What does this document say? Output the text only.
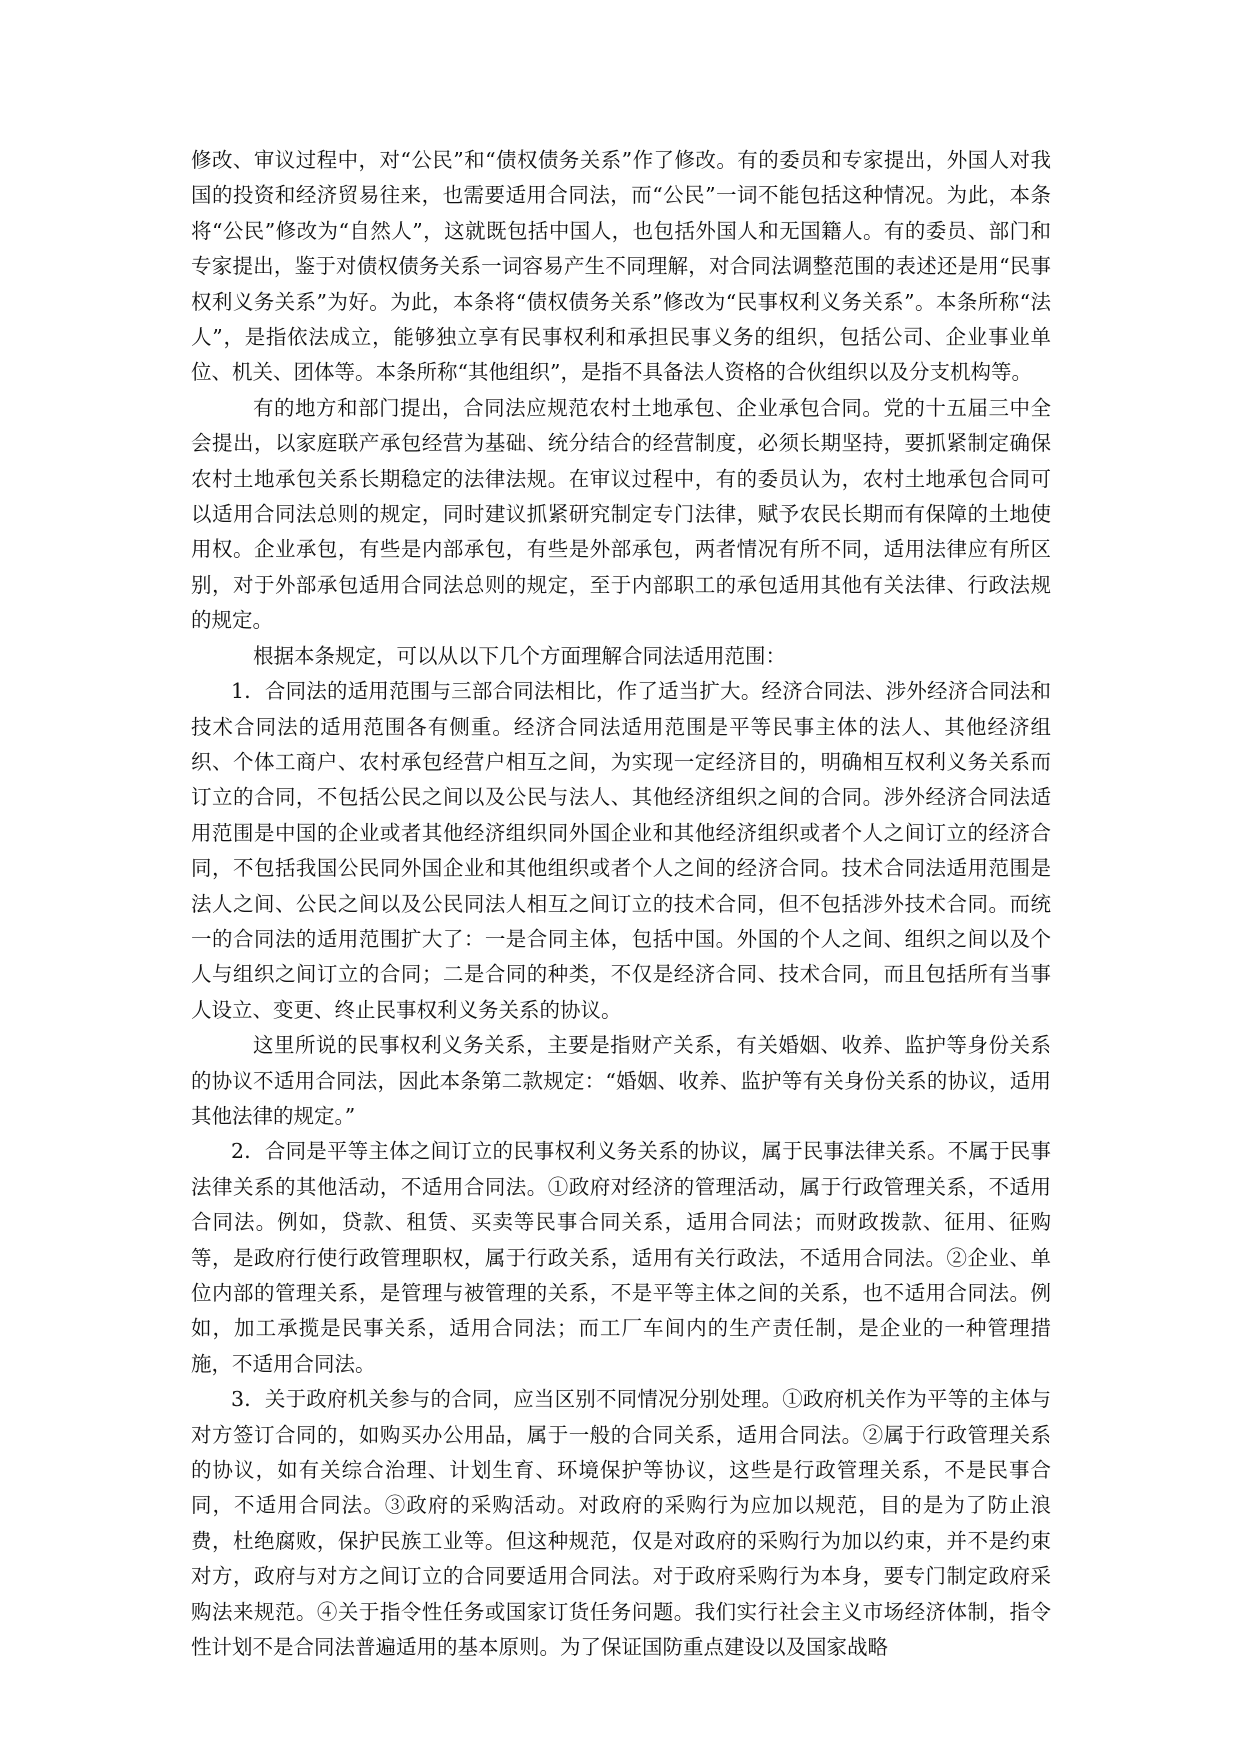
修改、审议过程中，对“公民”和“债权债务关系”作了修改。有的委员和专家提出，外国人对我国的投资和经济贸易往来，也需要适用合同法，而“公民”一词不能包括这种情况。为此，本条将“公民”修改为“自然人”，这就既包括中国人，也包括外国人和无国籍人。有的委员、部门和专家提出，鉴于对债权债务关系一词容易产生不同理解，对合同法调整范围的表述还是用“民事权利义务关系”为好。为此，本条将“债权债务关系”修改为“民事权利义务关系”。本条所称“法人”，是指依法成立，能够独立享有民事权利和承担民事义务的组织，包括公司、企业事业单位、机关、团体等。本条所称“其他组织”，是指不具备法人资格的合伙组织以及分支机构等。

有的地方和部门提出，合同法应规范农村土地承包、企业承包合同。党的十五届三中全会提出，以家庭联产承包经营为基础、统分结合的经营制度，必须长期坚持，要抓紧制定确保农村土地承包关系长期稳定的法律法规。在审议过程中，有的委员认为，农村土地承包合同可以适用合同法总则的规定，同时建议抓紧研究制定专门法律，赋予农民长期而有保障的土地使用权。企业承包，有些是内部承包，有些是外部承包，两者情况有所不同，适用法律应有所区别，对于外部承包适用合同法总则的规定，至于内部职工的承包适用其他有关法律、行政法规的规定。

根据本条规定，可以从以下几个方面理解合同法适用范围：

1．合同法的适用范围与三部合同法相比，作了适当扩大。经济合同法、涉外经济合同法和技术合同法的适用范围各有侧重。经济合同法适用范围是平等民事主体的法人、其他经济组织、个体工商户、农村承包经营户相互之间，为实现一定经济目的，明确相互权利义务关系而订立的合同，不包括公民之间以及公民与法人、其他经济组织之间的合同。涉外经济合同法适用范围是中国的企业或者其他经济组织同外国企业和其他经济组织或者个人之间订立的经济合同，不包括我国公民同外国企业和其他组织或者个人之间的经济合同。技术合同法适用范围是法人之间、公民之间以及公民同法人相互之间订立的技术合同，但不包括涉外技术合同。而统一的合同法的适用范围扩大了：一是合同主体，包括中国。外国的个人之间、组织之间以及个人与组织之间订立的合同；二是合同的种类，不仅是经济合同、技术合同，而且包括所有当事人设立、变更、终止民事权利义务关系的协议。

这里所说的民事权利义务关系，主要是指财产关系，有关婚姻、收养、监护等身份关系的协议不适用合同法，因此本条第二款规定：“婚姻、收养、监护等有关身份关系的协议，适用其他法律的规定。”

2．合同是平等主体之间订立的民事权利义务关系的协议，属于民事法律关系。不属于民事法律关系的其他活动，不适用合同法。①政府对经济的管理活动，属于行政管理关系，不适用合同法。例如，贷款、租赁、买卖等民事合同关系，适用合同法；而财政拨款、征用、征购等，是政府行使行政管理职权，属于行政关系，适用有关行政法，不适用合同法。②企业、单位内部的管理关系，是管理与被管理的关系，不是平等主体之间的关系，也不适用合同法。例如，加工承揽是民事关系，适用合同法；而工厂车间内的生产责任制，是企业的一种管理措施，不适用合同法。

3．关于政府机关参与的合同，应当区别不同情况分别处理。①政府机关作为平等的主体与对方签订合同的，如购买办公用品，属于一般的合同关系，适用合同法。②属于行政管理关系的协议，如有关综合治理、计划生育、环境保护等协议，这些是行政管理关系，不是民事合同，不适用合同法。③政府的采购活动。对政府的采购行为应加以规范，目的是为了防止浪费，杜绝腐败，保护民族工业等。但这种规范，仅是对政府的采购行为加以约束，并不是约束对方，政府与对方之间订立的合同要适用合同法。对于政府采购行为本身，要专门制定政府采购法来规范。④关于指令性任务或国家订货任务问题。我们实行社会主义市场经济体制，指令性计划不是合同法普遍适用的基本原则。为了保证国防重点建设以及国家战略
